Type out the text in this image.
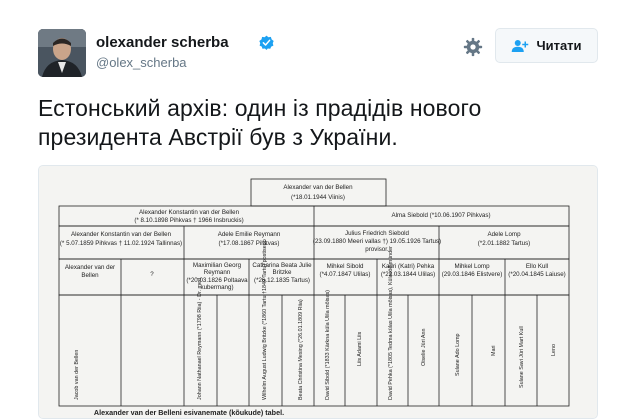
olexander scherba
@olex_scherba
Читати
Естонський архів: один із прадідів нового
президента Австрії був з України.
Alexander van der Bellen
(*18.01.1944 Viinis)
Alexander Konstantin van der Bellen
(* 8.10.1898 Pihkvas † 1966 Insbruckis)
Alma Siebold (*10.06.1907 Pihkvas)
Alexander Konstantin van der Bellen
(* 5.07.1859 Pihkvas † 11.02.1924 Tallinnas)
Adele Emilie Reymann
(*17.08.1867 Pihkvas)
Julius Friedrich Siebold
(23.09.1880 Meeri vallas †) 19.05.1926 Tartus)
provisor.
Adele Lomp
(*2.01.1882 Tartus)
Alexander van der
Bellen	?
Maximilian Georg
Reymann
(*20.03.1826 Poltaava
kubermang)
Catharina Beata Julie
Britzke
(*26.12.1835 Tartus)
Mihkel Sibold
(*4.07.1847 Ulilas)
Kadri (Katri) Pehka
(*22.03.1844 Ulilas)
Mihkel Lomp
(29.03.1846 Elistvere)
Ello Kull
(*20.04.1845 Laiuse)
Jacob van der Bellen	Johann Nathanael Reymann (*1798 Riia) - Dr. med	Wilhelm August Ludwig Britzke (*1860 Tartu †1849 Tartu) postisepp	Beata Christina Mesing (*26.01.1809 Riia)	David Sibold (*1833 Kärkna küla Ulila mõisas)	Liis Adami Liis	David Pehka (*1805 Tedma külas Ulila mõisas), Külavöölmünder	Oiselie Jüri Ann	Sulane Ado Lomp	Mari	Sulane Savi Jüri Mart Kull	Leno
Alexander van der Belleni esivanemate (kõukude) tabel.
